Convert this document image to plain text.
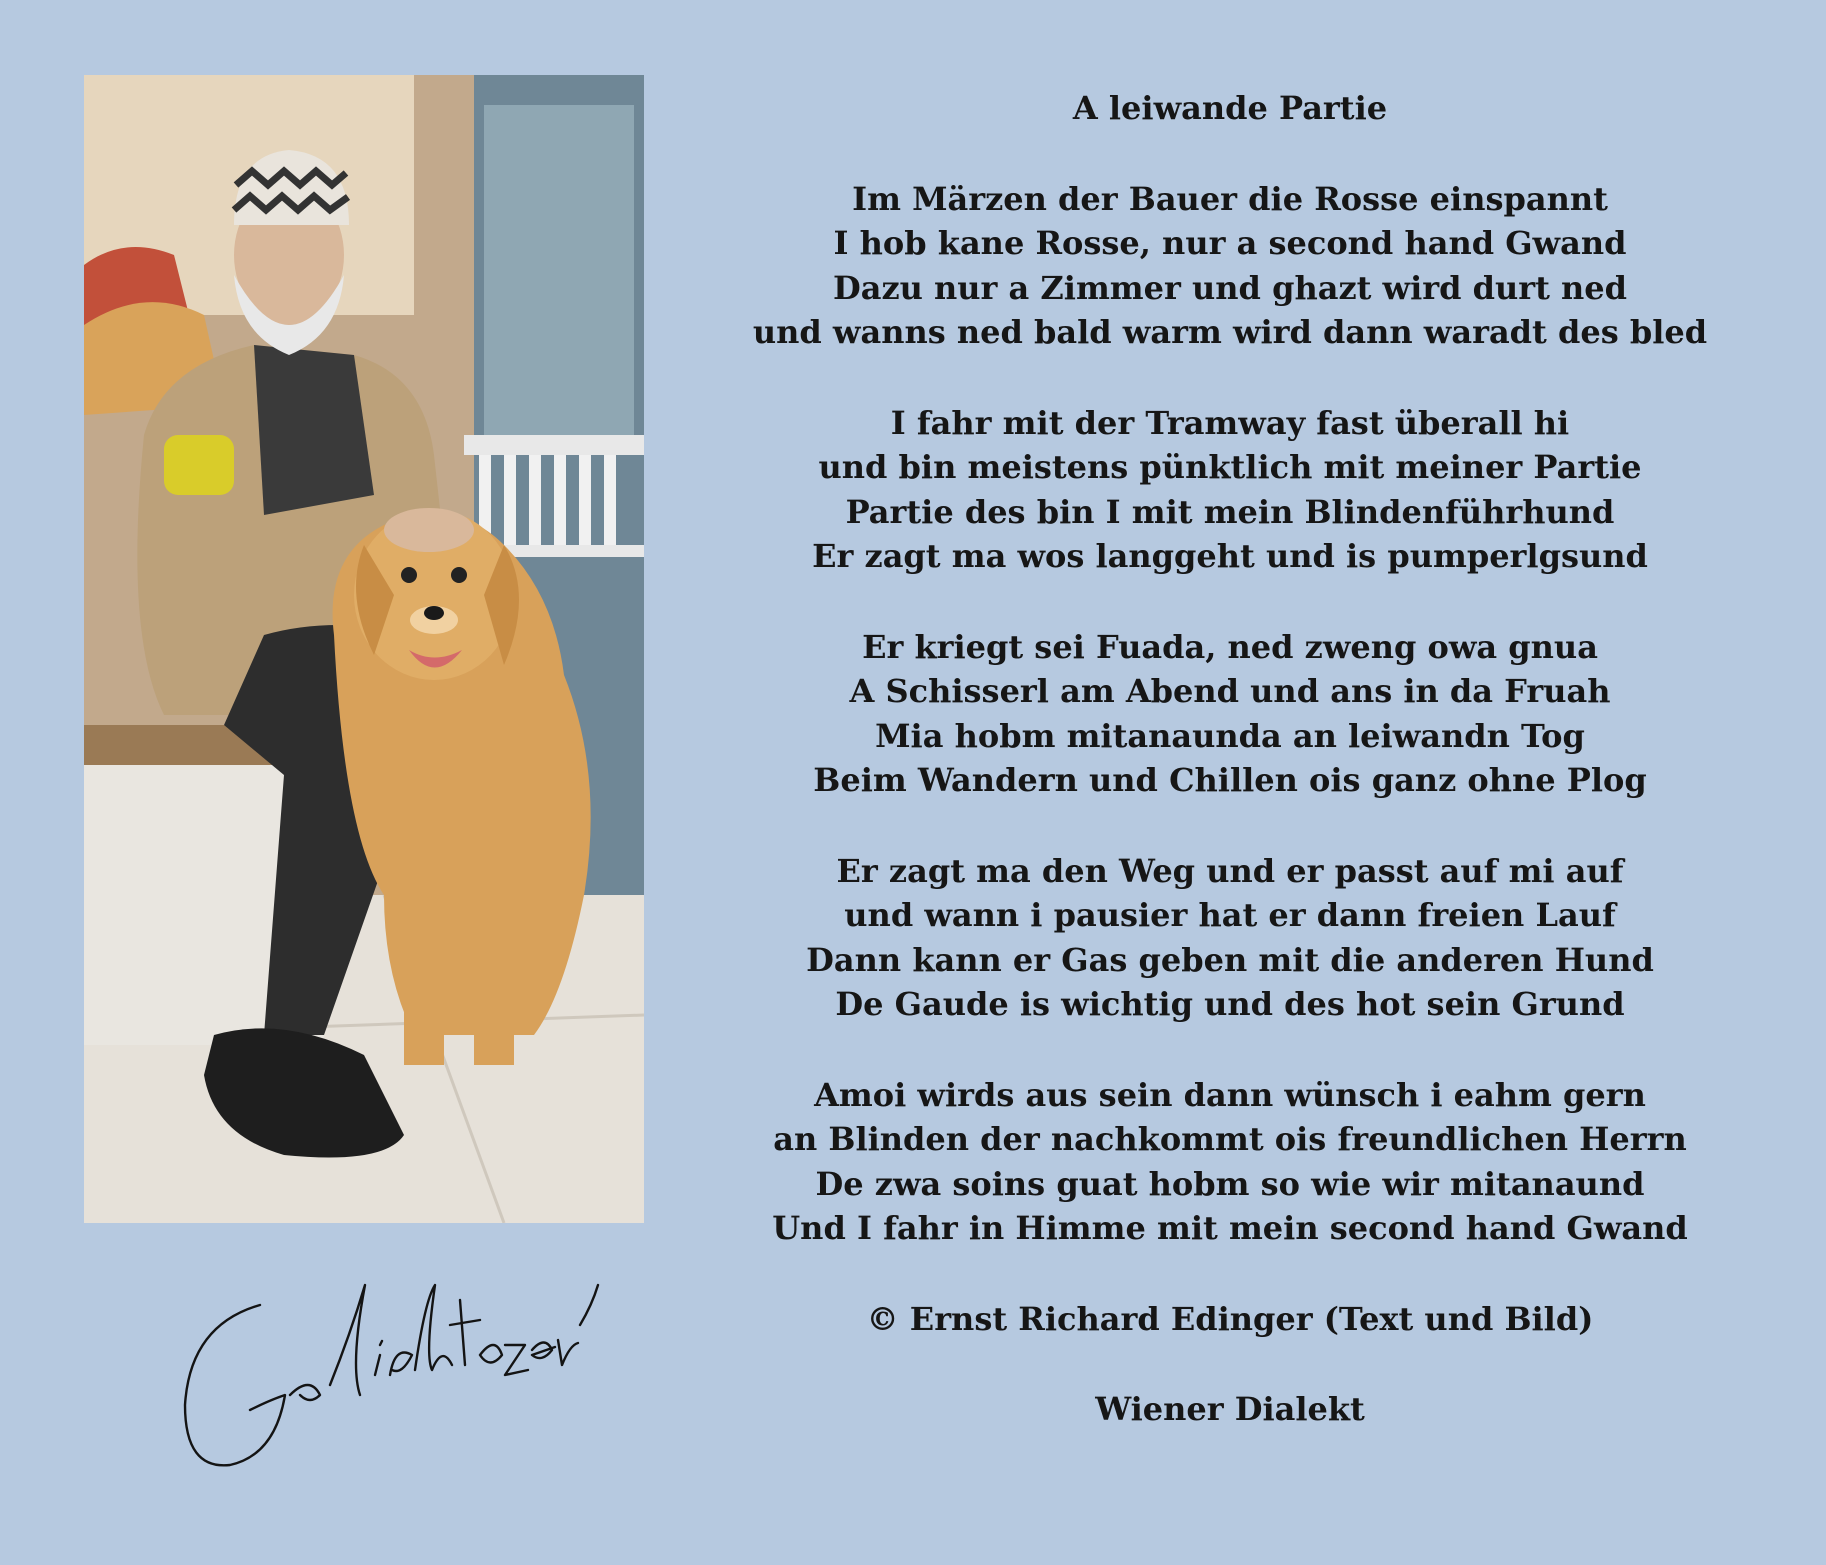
A leiwande Partie
Im Märzen der Bauer die Rosse einspannt
I hob kane Rosse, nur a second hand Gwand
Dazu nur a Zimmer und ghazt wird durt ned
und wanns ned bald warm wird dann waradt des bled
I fahr mit der Tramway fast überall hi
und bin meistens pünktlich mit meiner Partie
Partie des bin I mit mein Blindenführhund
Er zagt ma wos langgeht und is pumperlgsund
Er kriegt sei Fuada, ned zweng owa gnua
A Schisserl am Abend und ans in da Fruah
Mia hobm mitanaunda an leiwandn Tog
Beim Wandern und Chillen ois ganz ohne Plog
Er zagt ma den Weg und er passt auf mi auf
und wann i pausier hat er dann freien Lauf
Dann kann er Gas geben mit die anderen Hund
De Gaude is wichtig und des hot sein Grund
Amoi wirds aus sein dann wünsch i eahm gern
an Blinden der nachkommt ois freundlichen Herrn
De zwa soins guat hobm so wie wir mitanaund
Und I fahr in Himme mit mein second hand Gwand
© Ernst Richard Edinger (Text und Bild)
Wiener Dialekt
